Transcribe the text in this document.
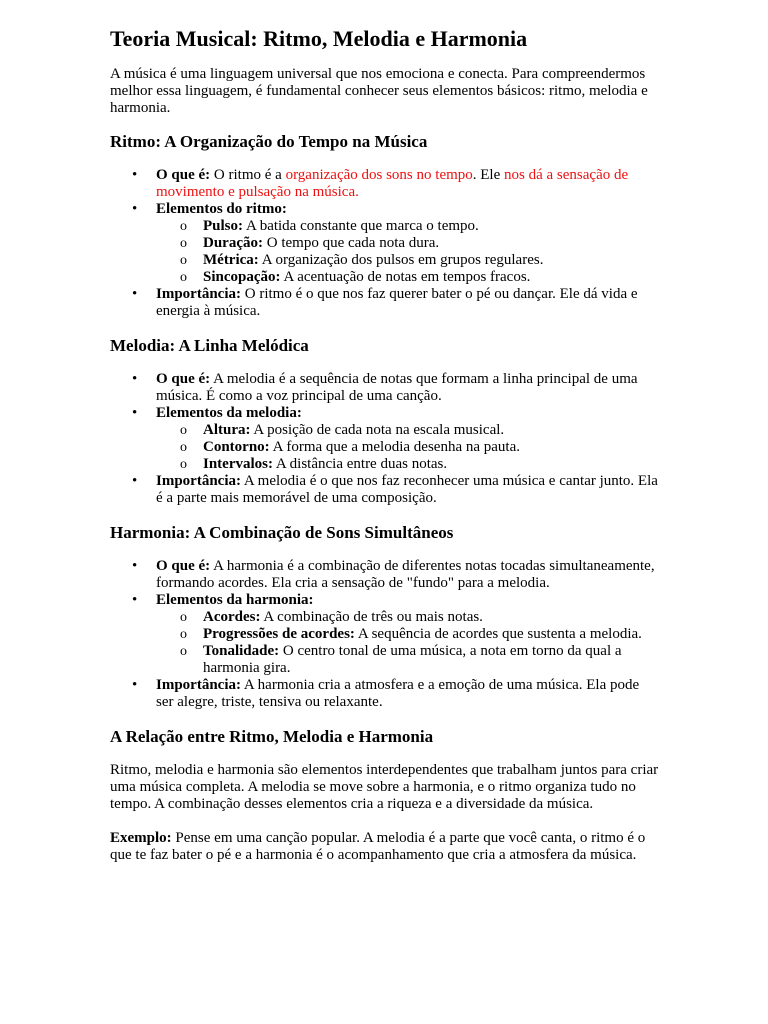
Teoria Musical: Ritmo, Melodia e Harmonia

A música é uma linguagem universal que nos emociona e conecta. Para compreendermos melhor essa linguagem, é fundamental conhecer seus elementos básicos: ritmo, melodia e harmonia.

Ritmo: A Organização do Tempo na Música
• O que é: O ritmo é a organização dos sons no tempo. Ele nos dá a sensação de movimento e pulsação na música.
• Elementos do ritmo:
o Pulso: A batida constante que marca o tempo.
o Duração: O tempo que cada nota dura.
o Métrica: A organização dos pulsos em grupos regulares.
o Sincopação: A acentuação de notas em tempos fracos.
• Importância: O ritmo é o que nos faz querer bater o pé ou dançar. Ele dá vida e energia à música.
Melodia: A Linha Melódica
• O que é: A melodia é a sequência de notas que formam a linha principal de uma música. É como a voz principal de uma canção.
• Elementos da melodia:
o Altura: A posição de cada nota na escala musical.
o Contorno: A forma que a melodia desenha na pauta.
o Intervalos: A distância entre duas notas.
• Importância: A melodia é o que nos faz reconhecer uma música e cantar junto. Ela é a parte mais memorável de uma composição.
Harmonia: A Combinação de Sons Simultâneos
• O que é: A harmonia é a combinação de diferentes notas tocadas simultaneamente, formando acordes. Ela cria a sensação de "fundo" para a melodia.
• Elementos da harmonia:
o Acordes: A combinação de três ou mais notas.
o Progressões de acordes: A sequência de acordes que sustenta a melodia.
o Tonalidade: O centro tonal de uma música, a nota em torno da qual a harmonia gira.
• Importância: A harmonia cria a atmosfera e a emoção de uma música. Ela pode ser alegre, triste, tensiva ou relaxante.
A Relação entre Ritmo, Melodia e Harmonia

Ritmo, melodia e harmonia são elementos interdependentes que trabalham juntos para criar uma música completa. A melodia se move sobre a harmonia, e o ritmo organiza tudo no tempo. A combinação desses elementos cria a riqueza e a diversidade da música.

Exemplo: Pense em uma canção popular. A melodia é a parte que você canta, o ritmo é o que te faz bater o pé e a harmonia é o acompanhamento que cria a atmosfera da música.
